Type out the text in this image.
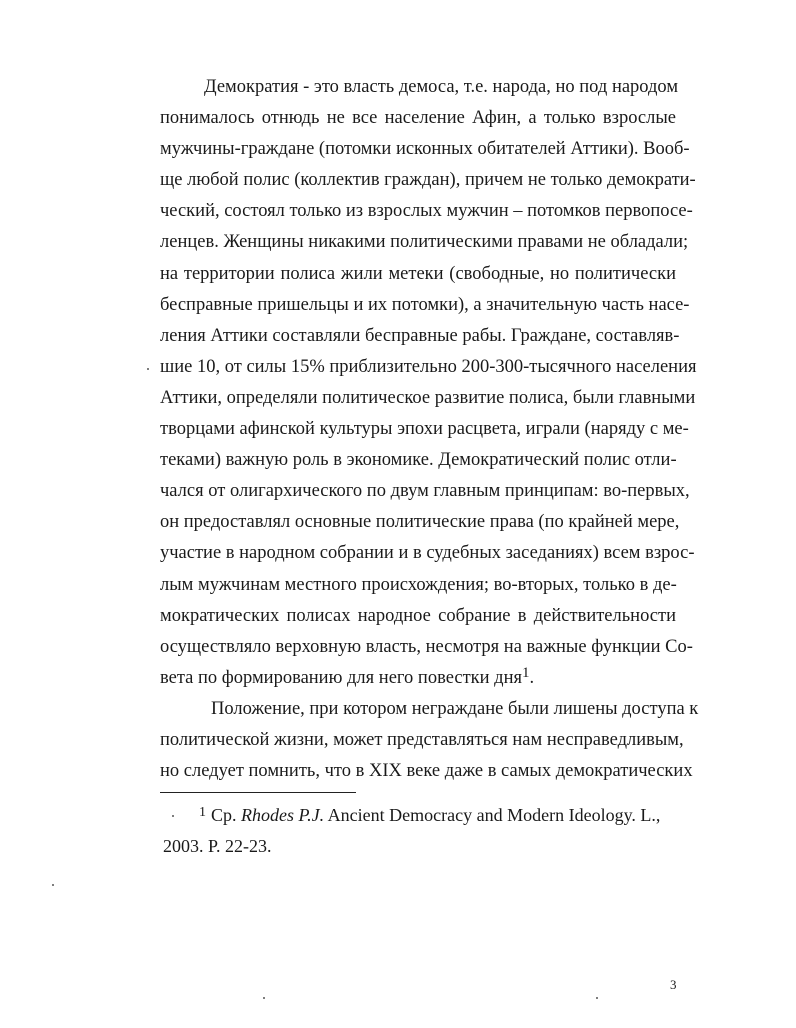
Демократия - это власть демоса, т.е. народа, но под народом
понималось отнюдь не все население Афин, а только взрослые
мужчины-граждане (потомки исконных обитателей Аттики). Вооб-
ще любой полис (коллектив граждан), причем не только демократи-
ческий, состоял только из взрослых мужчин – потомков первопосе-
ленцев. Женщины никакими политическими правами не обладали;
на территории полиса жили метеки (свободные, но политически
бесправные пришельцы и их потомки), а значительную часть насе-
ления Аттики составляли бесправные рабы. Граждане, составляв-
шие 10, от силы 15% приблизительно 200-300-тысячного населения
Аттики, определяли политическое развитие полиса, были главными
творцами афинской культуры эпохи расцвета, играли (наряду с ме-
теками) важную роль в экономике. Демократический полис отли-
чался от олигархического по двум главным принципам: во-первых,
он предоставлял основные политические права (по крайней мере,
участие в народном собрании и в судебных заседаниях) всем взрос-
лым мужчинам местного происхождения; во-вторых, только в де-
мократических полисах народное собрание в действительности
осуществляло верховную власть, несмотря на важные функции Со-
вета по формированию для него повестки дня$^1$.
Положение, при котором неграждане были лишены доступа к
политической жизни, может представляться нам несправедливым,
но следует помнить, что в XIX веке даже в самых демократических
$^1$ Ср. Rhodes P.J. Ancient Democracy and Modern Ideology. L.,
2003. P. 22-23.
3
